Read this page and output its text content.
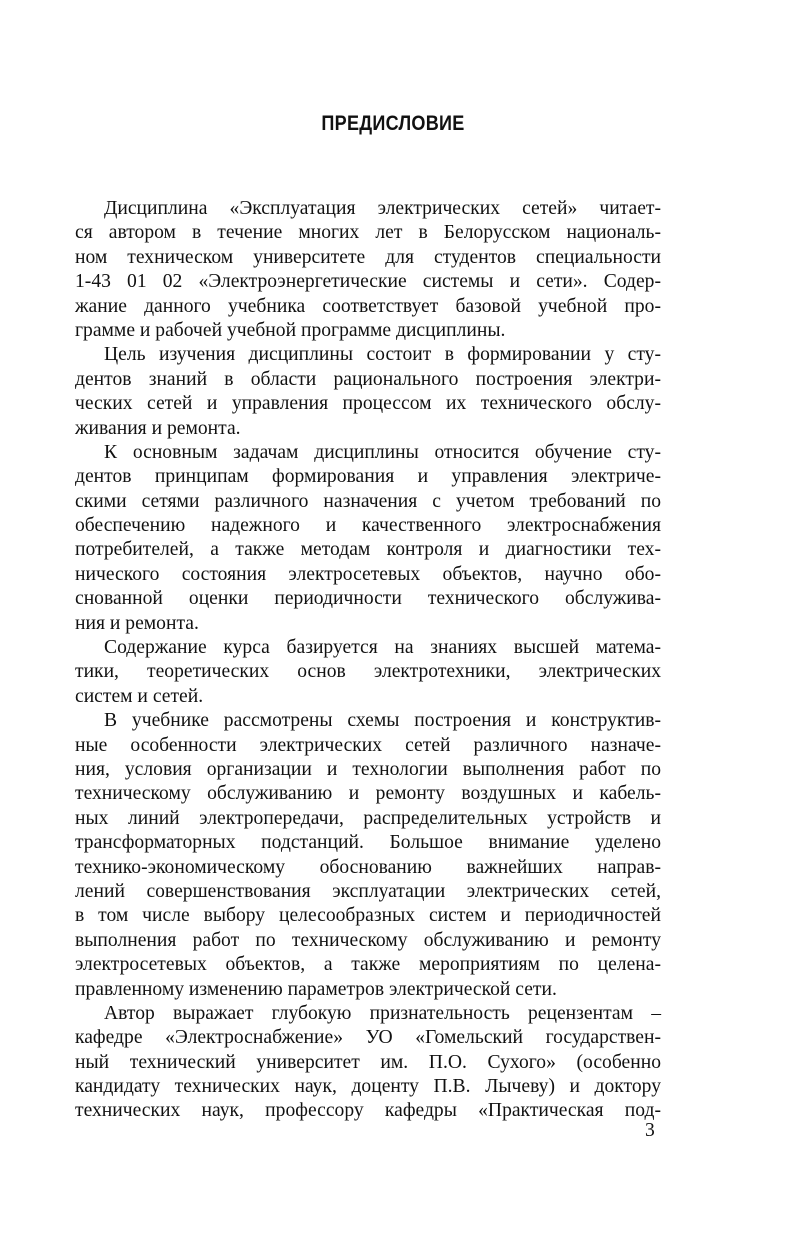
ПРЕДИСЛОВИЕ
Дисциплина «Эксплуатация электрических сетей» читает-
ся автором в течение многих лет в Белорусском националь-
ном техническом университете для студентов специальности
1-43 01 02 «Электроэнергетические системы и сети». Содер-
жание данного учебника соответствует базовой учебной про-
грамме и рабочей учебной программе дисциплины.
Цель изучения дисциплины состоит в формировании у сту-
дентов знаний в области рационального построения электри-
ческих сетей и управления процессом их технического обслу-
живания и ремонта.
К основным задачам дисциплины относится обучение сту-
дентов принципам формирования и управления электриче-
скими сетями различного назначения с учетом требований по
обеспечению надежного и качественного электроснабжения
потребителей, а также методам контроля и диагностики тех-
нического состояния электросетевых объектов, научно обо-
снованной оценки периодичности технического обслужива-
ния и ремонта.
Содержание курса базируется на знаниях высшей матема-
тики, теоретических основ электротехники, электрических
систем и сетей.
В учебнике рассмотрены схемы построения и конструктив-
ные особенности электрических сетей различного назначе-
ния, условия организации и технологии выполнения работ по
техническому обслуживанию и ремонту воздушных и кабель-
ных линий электропередачи, распределительных устройств и
трансформаторных подстанций. Большое внимание уделено
технико-экономическому обоснованию важнейших направ-
лений совершенствования эксплуатации электрических сетей,
в том числе выбору целесообразных систем и периодичностей
выполнения работ по техническому обслуживанию и ремонту
электросетевых объектов, а также мероприятиям по целена-
правленному изменению параметров электрической сети.
Автор выражает глубокую признательность рецензентам –
кафедре «Электроснабжение» УО «Гомельский государствен-
ный технический университет им. П.О. Сухого» (особенно
кандидату технических наук, доценту П.В. Лычеву) и доктору
технических наук, профессору кафедры «Практическая под-
3
